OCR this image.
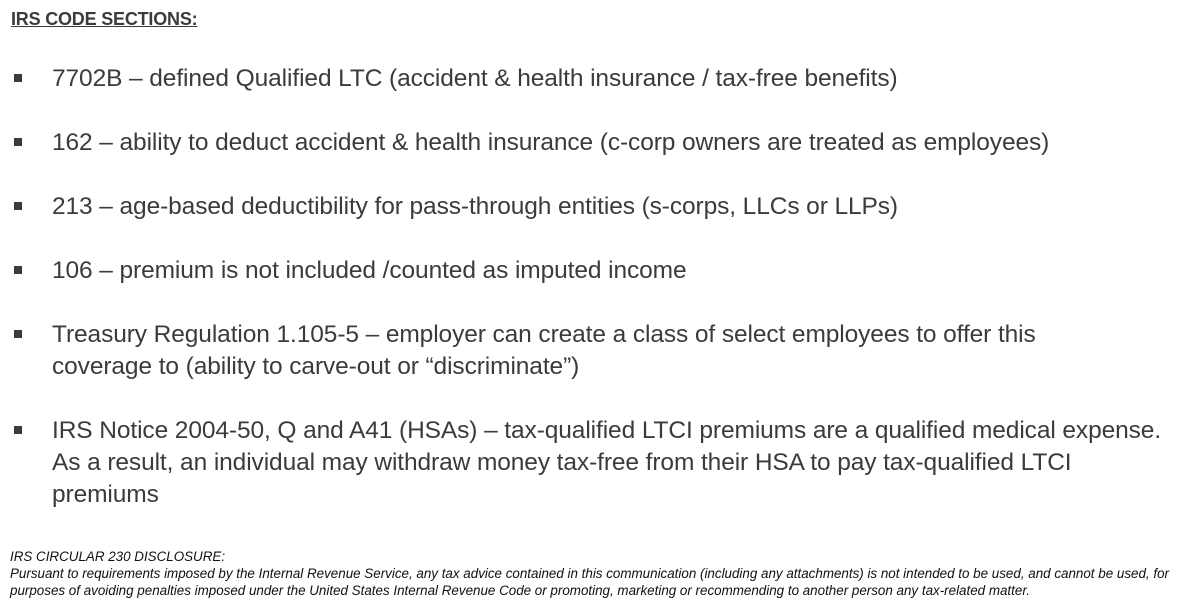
IRS CODE SECTIONS:
7702B – defined Qualified LTC (accident & health insurance / tax-free benefits)
162 – ability to deduct accident & health insurance (c-corp owners are treated as employees)
213 – age-based deductibility for pass-through entities (s-corps, LLCs or LLPs)
106 – premium is not included /counted as imputed income
Treasury Regulation 1.105-5 – employer can create a class of select employees to offer this coverage to (ability to carve-out or “discriminate”)
IRS Notice 2004-50, Q and A41 (HSAs) – tax-qualified LTCI premiums are a qualified medical expense. As a result, an individual may withdraw money tax-free from their HSA to pay tax-qualified LTCI premiums
IRS CIRCULAR 230 DISCLOSURE:
Pursuant to requirements imposed by the Internal Revenue Service, any tax advice contained in this communication (including any attachments) is not intended to be used, and cannot be used, for purposes of avoiding penalties imposed under the United States Internal Revenue Code or promoting, marketing or recommending to another person any tax-related matter.
